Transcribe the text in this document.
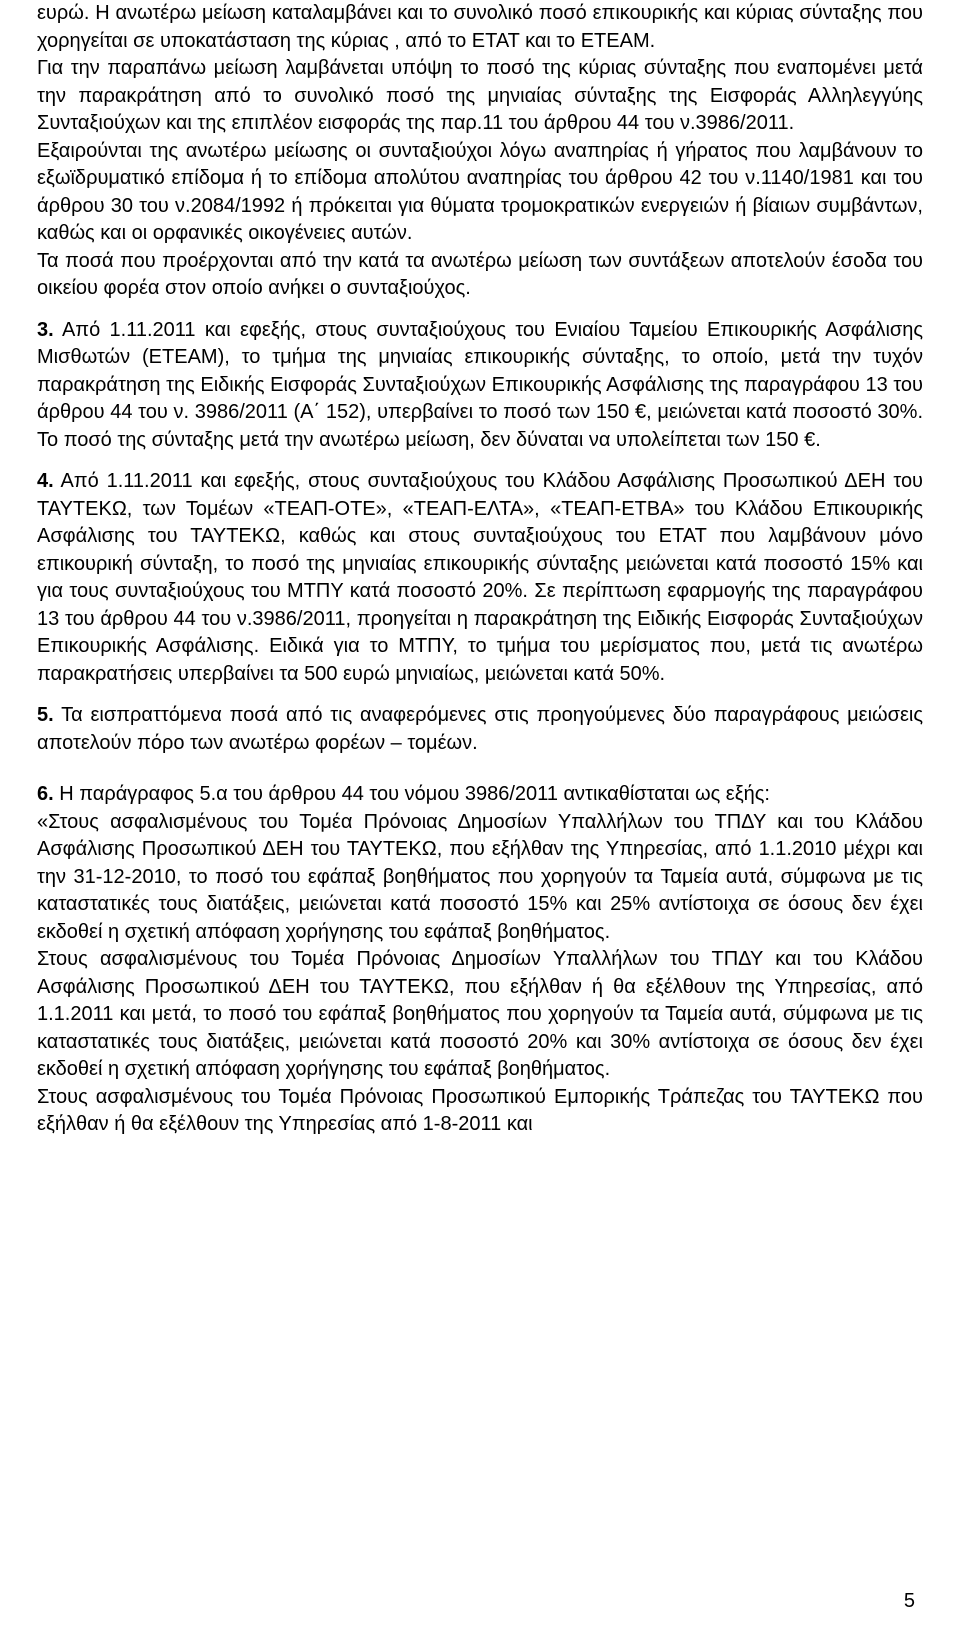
ευρώ. Η ανωτέρω μείωση καταλαμβάνει και το συνολικό ποσό επικουρικής και κύριας σύνταξης που χορηγείται σε υποκατάσταση της κύριας , από το ΕΤΑΤ και το ΕΤΕΑΜ.

Για την παραπάνω μείωση λαμβάνεται υπόψη το ποσό της κύριας σύνταξης που εναπομένει μετά την παρακράτηση από το συνολικό ποσό της μηνιαίας σύνταξης της Εισφοράς Αλληλεγγύης Συνταξιούχων και της επιπλέον εισφοράς της παρ.11 του άρθρου 44 του ν.3986/2011.

Εξαιρούνται της ανωτέρω μείωσης οι συνταξιούχοι λόγω αναπηρίας ή γήρατος που λαμβάνουν το εξωϊδρυματικό επίδομα ή το επίδομα απολύτου αναπηρίας του άρθρου 42 του ν.1140/1981 και του άρθρου 30 του ν.2084/1992 ή πρόκειται για θύματα τρομοκρατικών ενεργειών ή βίαιων συμβάντων, καθώς και οι ορφανικές οικογένειες αυτών.

Τα ποσά που προέρχονται από την κατά τα ανωτέρω μείωση των συντάξεων αποτελούν έσοδα του οικείου φορέα στον οποίο ανήκει ο συνταξιούχος.

3. Από 1.11.2011 και εφεξής, στους συνταξιούχους του Ενιαίου Ταμείου Επικουρικής Ασφάλισης Μισθωτών (ΕΤΕΑΜ), το τμήμα της μηνιαίας επικουρικής σύνταξης, το οποίο, μετά την τυχόν παρακράτηση της Ειδικής Εισφοράς Συνταξιούχων Επικουρικής Ασφάλισης της παραγράφου 13 του άρθρου 44 του ν. 3986/2011 (Α΄ 152), υπερβαίνει το ποσό των 150 €, μειώνεται κατά ποσοστό 30%. Το ποσό της σύνταξης μετά την ανωτέρω μείωση, δεν δύναται να υπολείπεται των 150 €.

4. Από 1.11.2011 και εφεξής, στους συνταξιούχους του Κλάδου Ασφάλισης Προσωπικού ΔΕΗ του ΤΑΥΤΕΚΩ, των Τομέων «ΤΕΑΠ-ΟΤΕ», «ΤΕΑΠ-ΕΛΤΑ», «ΤΕΑΠ-ΕΤΒΑ» του Κλάδου Επικουρικής Ασφάλισης του ΤΑΥΤΕΚΩ, καθώς και στους συνταξιούχους του ΕΤΑΤ που λαμβάνουν μόνο επικουρική σύνταξη, το ποσό της μηνιαίας επικουρικής σύνταξης μειώνεται κατά ποσοστό 15% και για τους συνταξιούχους του ΜΤΠΥ κατά ποσοστό 20%. Σε περίπτωση εφαρμογής της παραγράφου 13 του άρθρου 44 του ν.3986/2011, προηγείται η παρακράτηση της Ειδικής Εισφοράς Συνταξιούχων Επικουρικής Ασφάλισης. Ειδικά για το ΜΤΠΥ, το τμήμα του μερίσματος που, μετά τις ανωτέρω παρακρατήσεις υπερβαίνει τα 500 ευρώ μηνιαίως, μειώνεται κατά 50%.

5. Τα εισπραττόμενα ποσά από τις αναφερόμενες στις προηγούμενες δύο παραγράφους μειώσεις αποτελούν πόρο των ανωτέρω φορέων – τομέων.

6. Η παράγραφος 5.α του άρθρου 44 του νόμου 3986/2011 αντικαθίσταται ως εξής:

«Στους ασφαλισμένους του Τομέα Πρόνοιας Δημοσίων Υπαλλήλων του ΤΠΔΥ και του Κλάδου Ασφάλισης Προσωπικού ΔΕΗ του ΤΑΥΤΕΚΩ, που εξήλθαν της Υπηρεσίας, από 1.1.2010 μέχρι και την 31-12-2010, το ποσό του εφάπαξ βοηθήματος που χορηγούν τα Ταμεία αυτά, σύμφωνα με τις καταστατικές τους διατάξεις, μειώνεται κατά ποσοστό 15% και 25% αντίστοιχα σε όσους δεν έχει εκδοθεί η σχετική απόφαση χορήγησης του εφάπαξ βοηθήματος.

Στους ασφαλισμένους του Τομέα Πρόνοιας Δημοσίων Υπαλλήλων του ΤΠΔΥ και του Κλάδου Ασφάλισης Προσωπικού ΔΕΗ του ΤΑΥΤΕΚΩ, που εξήλθαν ή θα εξέλθουν της Υπηρεσίας, από 1.1.2011 και μετά, το ποσό του εφάπαξ βοηθήματος που χορηγούν τα Ταμεία αυτά, σύμφωνα με τις καταστατικές τους διατάξεις, μειώνεται κατά ποσοστό 20% και 30% αντίστοιχα σε όσους δεν έχει εκδοθεί η σχετική απόφαση χορήγησης του εφάπαξ βοηθήματος.

Στους ασφαλισμένους του Τομέα Πρόνοιας Προσωπικού Εμπορικής Τράπεζας του ΤΑΥΤΕΚΩ που εξήλθαν ή θα εξέλθουν της Υπηρεσίας από 1-8-2011 και

5
